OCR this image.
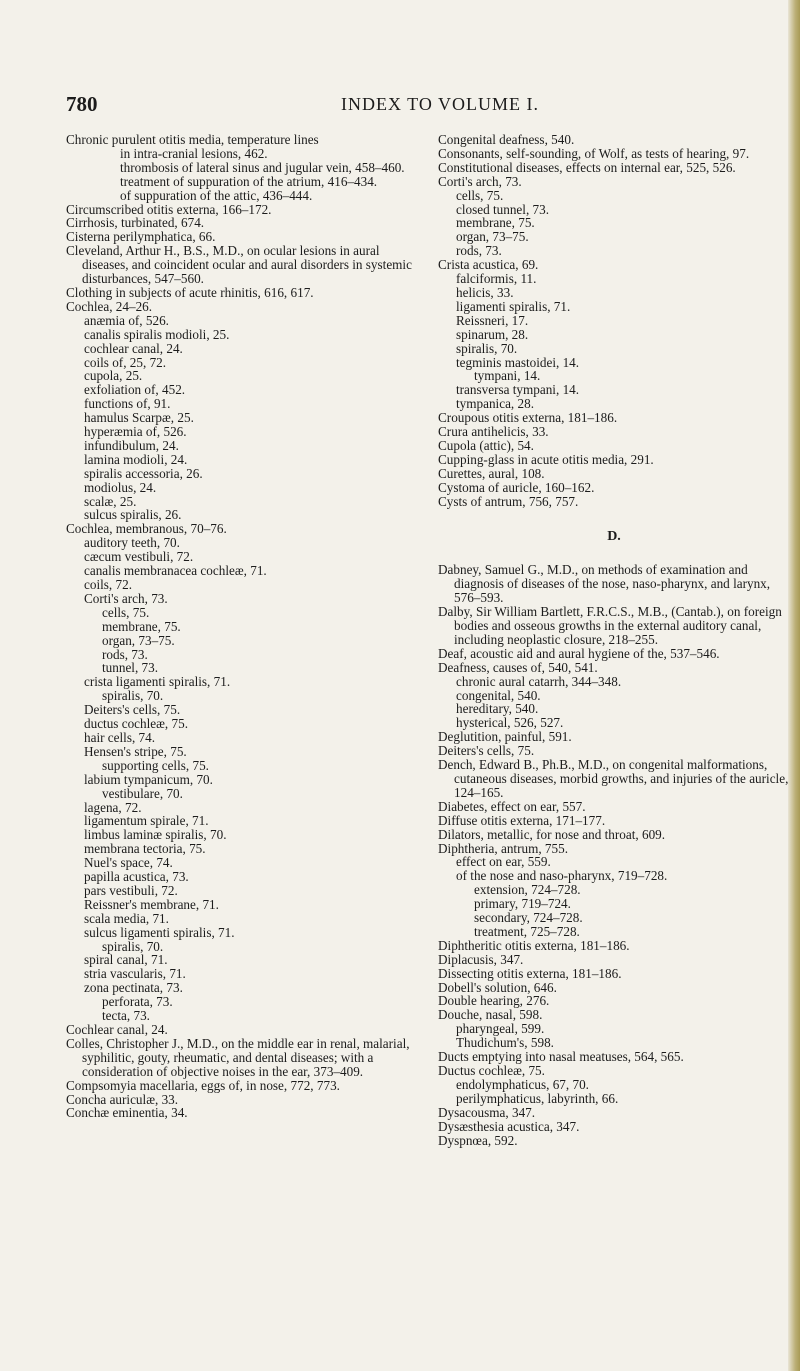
780	INDEX TO VOLUME I.

Chronic purulent otitis media, temperature lines

in intra-cranial lesions, 462.

thrombosis of lateral sinus and jugular vein, 458–460.

treatment of suppuration of the atrium, 416–434.

of suppuration of the attic, 436–444.

Circumscribed otitis externa, 166–172.

Cirrhosis, turbinated, 674.

Cisterna perilymphatica, 66.

Cleveland, Arthur H., B.S., M.D., on ocular lesions in aural diseases, and coincident ocular and aural disorders in systemic disturbances, 547–560.

Clothing in subjects of acute rhinitis, 616, 617.

Cochlea, 24–26.

anæmia of, 526.

canalis spiralis modioli, 25.

cochlear canal, 24.

coils of, 25, 72.

cupola, 25.

exfoliation of, 452.

functions of, 91.

hamulus Scarpæ, 25.

hyperæmia of, 526.

infundibulum, 24.

lamina modioli, 24.

spiralis accessoria, 26.

modiolus, 24.

scalæ, 25.

sulcus spiralis, 26.

Cochlea, membranous, 70–76.

auditory teeth, 70.

cæcum vestibuli, 72.

canalis membranacea cochleæ, 71.

coils, 72.

Corti's arch, 73.

cells, 75.

membrane, 75.

organ, 73–75.

rods, 73.

tunnel, 73.

crista ligamenti spiralis, 71.

spiralis, 70.

Deiters's cells, 75.

ductus cochleæ, 75.

hair cells, 74.

Hensen's stripe, 75.

supporting cells, 75.

labium tympanicum, 70.

vestibulare, 70.

lagena, 72.

ligamentum spirale, 71.

limbus laminæ spiralis, 70.

membrana tectoria, 75.

Nuel's space, 74.

papilla acustica, 73.

pars vestibuli, 72.

Reissner's membrane, 71.

scala media, 71.

sulcus ligamenti spiralis, 71.

spiralis, 70.

spiral canal, 71.

stria vascularis, 71.

zona pectinata, 73.

perforata, 73.

tecta, 73.

Cochlear canal, 24.

Colles, Christopher J., M.D., on the middle ear in renal, malarial, syphilitic, gouty, rheumatic, and dental diseases; with a consideration of objective noises in the ear, 373–409.

Compsomyia macellaria, eggs of, in nose, 772, 773.

Concha auriculæ, 33.

Conchæ eminentia, 34.

Congenital deafness, 540.

Consonants, self-sounding, of Wolf, as tests of hearing, 97.

Constitutional diseases, effects on internal ear, 525, 526.

Corti's arch, 73.

cells, 75.

closed tunnel, 73.

membrane, 75.

organ, 73–75.

rods, 73.

Crista acustica, 69.

falciformis, 11.

helicis, 33.

ligamenti spiralis, 71.

Reissneri, 17.

spinarum, 28.

spiralis, 70.

tegminis mastoidei, 14.

tympani, 14.

transversa tympani, 14.

tympanica, 28.

Croupous otitis externa, 181–186.

Crura antihelicis, 33.

Cupola (attic), 54.

Cupping-glass in acute otitis media, 291.

Curettes, aural, 108.

Cystoma of auricle, 160–162.

Cysts of antrum, 756, 757.

D.

Dabney, Samuel G., M.D., on methods of examination and diagnosis of diseases of the nose, naso-pharynx, and larynx, 576–593.

Dalby, Sir William Bartlett, F.R.C.S., M.B., (Cantab.), on foreign bodies and osseous growths in the external auditory canal, including neoplastic closure, 218–255.

Deaf, acoustic aid and aural hygiene of the, 537–546.

Deafness, causes of, 540, 541.

chronic aural catarrh, 344–348.

congenital, 540.

hereditary, 540.

hysterical, 526, 527.

Deglutition, painful, 591.

Deiters's cells, 75.

Dench, Edward B., Ph.B., M.D., on congenital malformations, cutaneous diseases, morbid growths, and injuries of the auricle, 124–165.

Diabetes, effect on ear, 557.

Diffuse otitis externa, 171–177.

Dilators, metallic, for nose and throat, 609.

Diphtheria, antrum, 755.

effect on ear, 559.

of the nose and naso-pharynx, 719–728.

extension, 724–728.

primary, 719–724.

secondary, 724–728.

treatment, 725–728.

Diphtheritic otitis externa, 181–186.

Diplacusis, 347.

Dissecting otitis externa, 181–186.

Dobell's solution, 646.

Double hearing, 276.

Douche, nasal, 598.

pharyngeal, 599.

Thudichum's, 598.

Ducts emptying into nasal meatuses, 564, 565.

Ductus cochleæ, 75.

endolymphaticus, 67, 70.

perilymphaticus, labyrinth, 66.

Dysacousma, 347.

Dysæsthesia acustica, 347.

Dyspnœa, 592.
